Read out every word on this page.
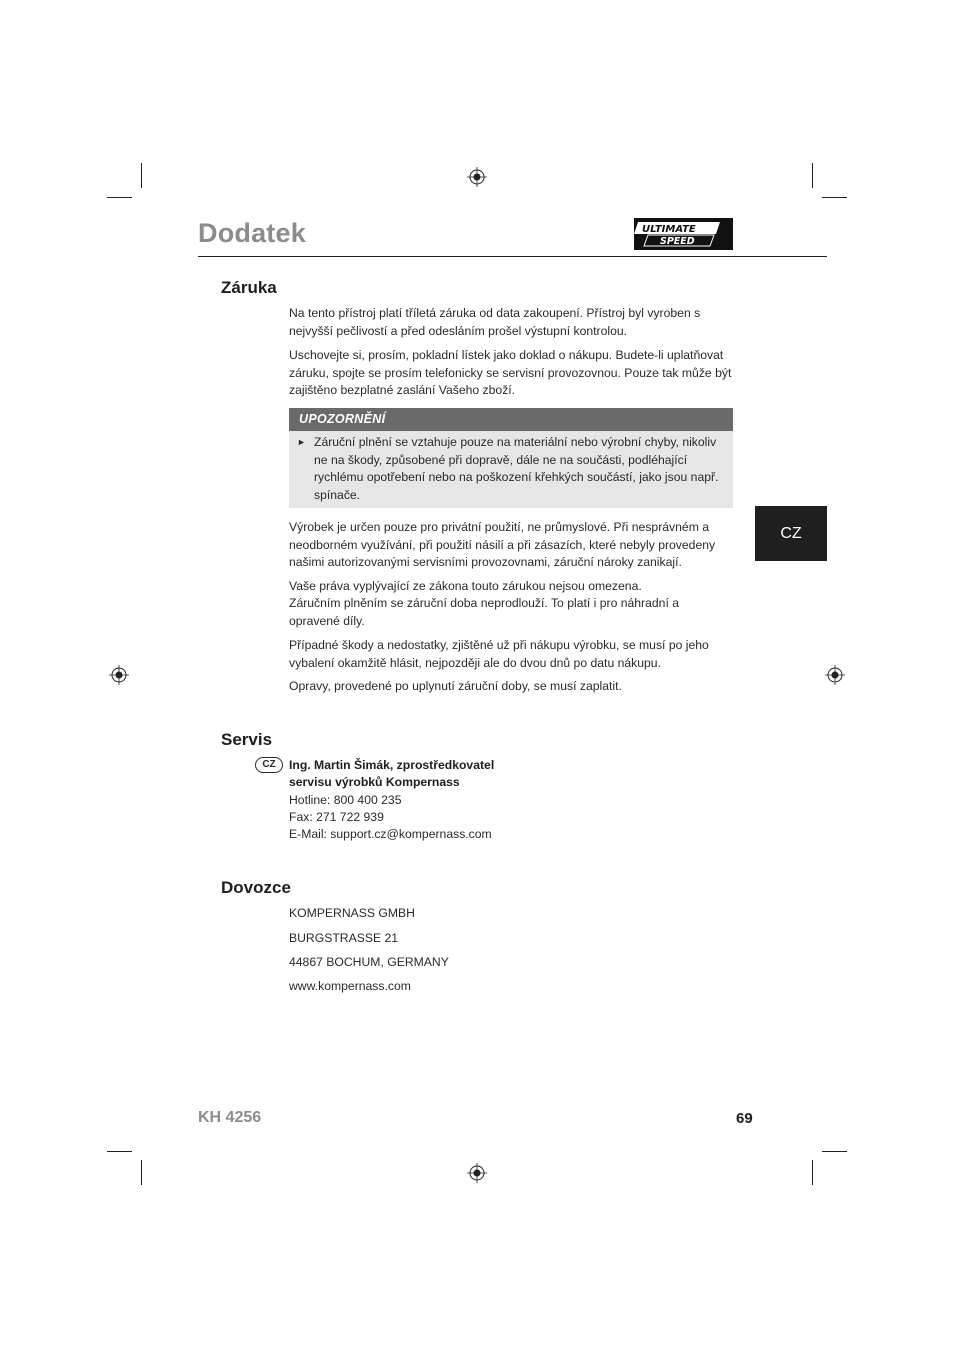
Dodatek	ULTIMATE
SPEED
Záruka

Na tento přístroj platí tříletá záruka od data zakoupení. Přístroj byl vyroben s nejvyšší pečlivostí a před odesláním prošel výstupní kontrolou.

Uschovejte si, prosím, pokladní lístek jako doklad o nákupu. Budete-li uplatňovat záruku, spojte se prosím telefonicky se servisní provozovnou. Pouze tak může být zajištěno bezplatné zaslání Vašeho zboží.

UPOZORNĚNÍ
► Záruční plnění se vztahuje pouze na materiální nebo výrobní chyby, nikoliv ne na škody, způsobené při dopravě, dále ne na součásti, podléhající rychlému opotřebení nebo na poškození křehkých součástí, jako jsou např. spínače.

Výrobek je určen pouze pro privátní použití, ne průmyslové. Při nesprávném a neodborném využívání, při použití násilí a při zásazích, které nebyly provedeny našimi autorizovanými servisními provozovnami, záruční nároky zanikají.

Vaše práva vyplývající ze zákona touto zárukou nejsou omezena.

Záručním plněním se záruční doba neprodlouží. To platí i pro náhradní a opravené díly.

Případné škody a nedostatky, zjištěné už při nákupu výrobku, se musí po jeho vybalení okamžitě hlásit, nejpozději ale do dvou dnů po datu nákupu.

Opravy, provedené po uplynutí záruční doby, se musí zaplatit.

CZ
Servis
CZ	Ing. Martin Šimák, zprostředkovatel
servisu výrobků Kompernass
Hotline: 800 400 235
Fax: 271 722 939
E-Mail: support.cz@kompernass.com
Dovozce
KOMPERNASS GMBH
BURGSTRASSE 21
44867 BOCHUM, GERMANY
www.kompernass.com
KH 4256	69
